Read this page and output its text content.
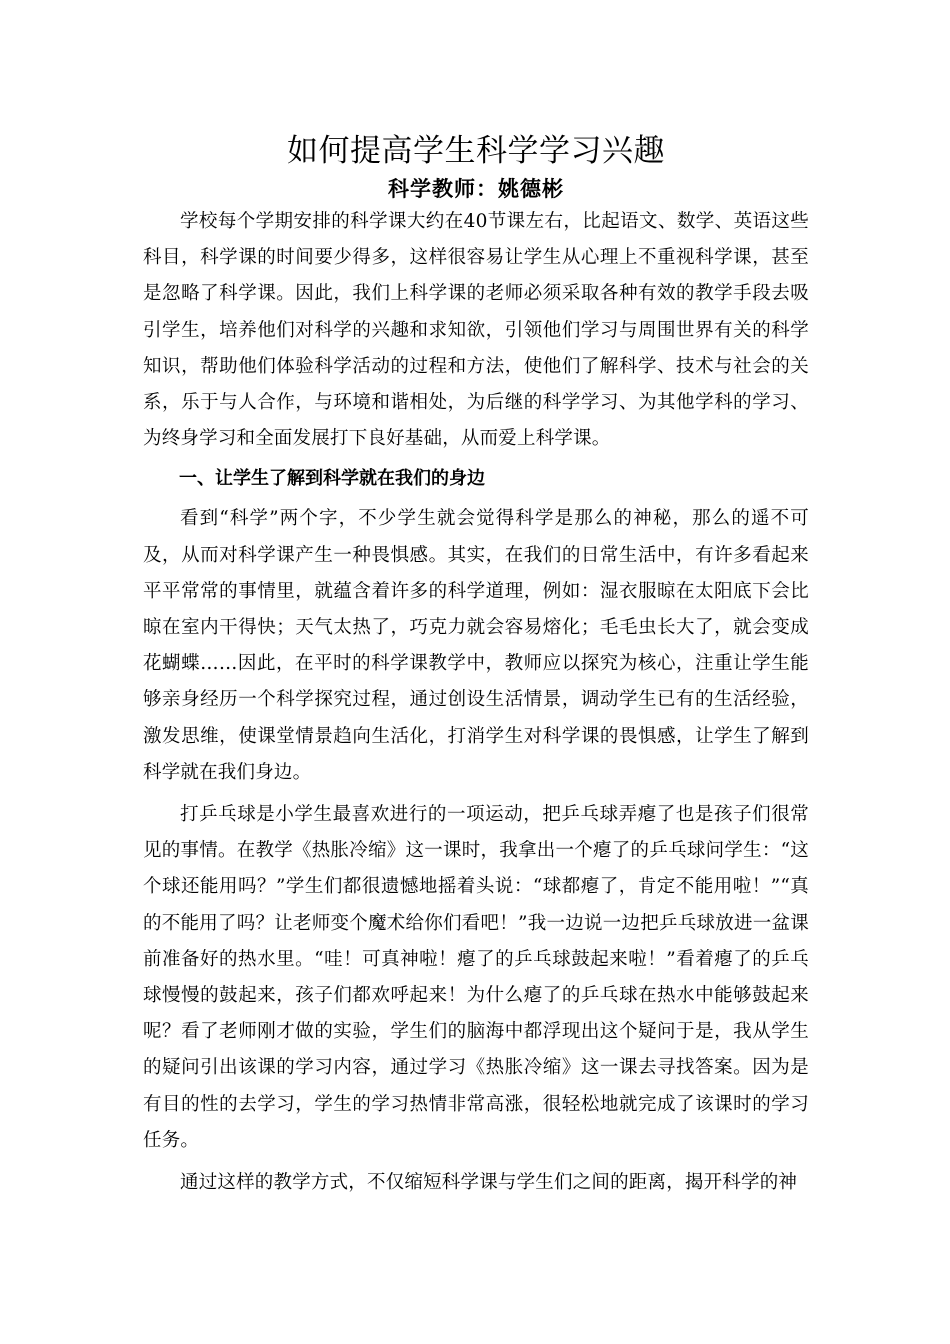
如何提高学生科学学习兴趣
科学教师：姚德彬

学校每个学期安排的科学课大约在40节课左右，比起语文、数学、英语这些科目，科学课的时间要少得多，这样很容易让学生从心理上不重视科学课，甚至是忽略了科学课。因此，我们上科学课的老师必须采取各种有效的教学手段去吸引学生，培养他们对科学的兴趣和求知欲，引领他们学习与周围世界有关的科学知识，帮助他们体验科学活动的过程和方法，使他们了解科学、技术与社会的关系，乐于与人合作，与环境和谐相处，为后继的科学学习、为其他学科的学习、为终身学习和全面发展打下良好基础，从而爱上科学课。

一、让学生了解到科学就在我们的身边

看到“科学”两个字，不少学生就会觉得科学是那么的神秘，那么的遥不可及，从而对科学课产生一种畏惧感。其实，在我们的日常生活中，有许多看起来平平常常的事情里，就蕴含着许多的科学道理，例如：湿衣服晾在太阳底下会比晾在室内干得快；天气太热了，巧克力就会容易熔化；毛毛虫长大了，就会变成花蝴蝶……因此，在平时的科学课教学中，教师应以探究为核心，注重让学生能够亲身经历一个科学探究过程，通过创设生活情景，调动学生已有的生活经验，激发思维，使课堂情景趋向生活化，打消学生对科学课的畏惧感，让学生了解到科学就在我们身边。

打乒乓球是小学生最喜欢进行的一项运动，把乒乓球弄瘪了也是孩子们很常见的事情。在教学《热胀冷缩》这一课时，我拿出一个瘪了的乒乓球问学生：“这个球还能用吗？”学生们都很遗憾地摇着头说：“球都瘪了，肯定不能用啦！”“真的不能用了吗？让老师变个魔术给你们看吧！”我一边说一边把乒乓球放进一盆课前准备好的热水里。“哇！可真神啦！瘪了的乒乓球鼓起来啦！”看着瘪了的乒乓球慢慢的鼓起来，孩子们都欢呼起来！为什么瘪了的乒乓球在热水中能够鼓起来呢？看了老师刚才做的实验，学生们的脑海中都浮现出这个疑问于是，我从学生的疑问引出该课的学习内容，通过学习《热胀冷缩》这一课去寻找答案。因为是有目的性的去学习，学生的学习热情非常高涨，很轻松地就完成了该课时的学习任务。

通过这样的教学方式，不仅缩短科学课与学生们之间的距离，揭开科学的神
